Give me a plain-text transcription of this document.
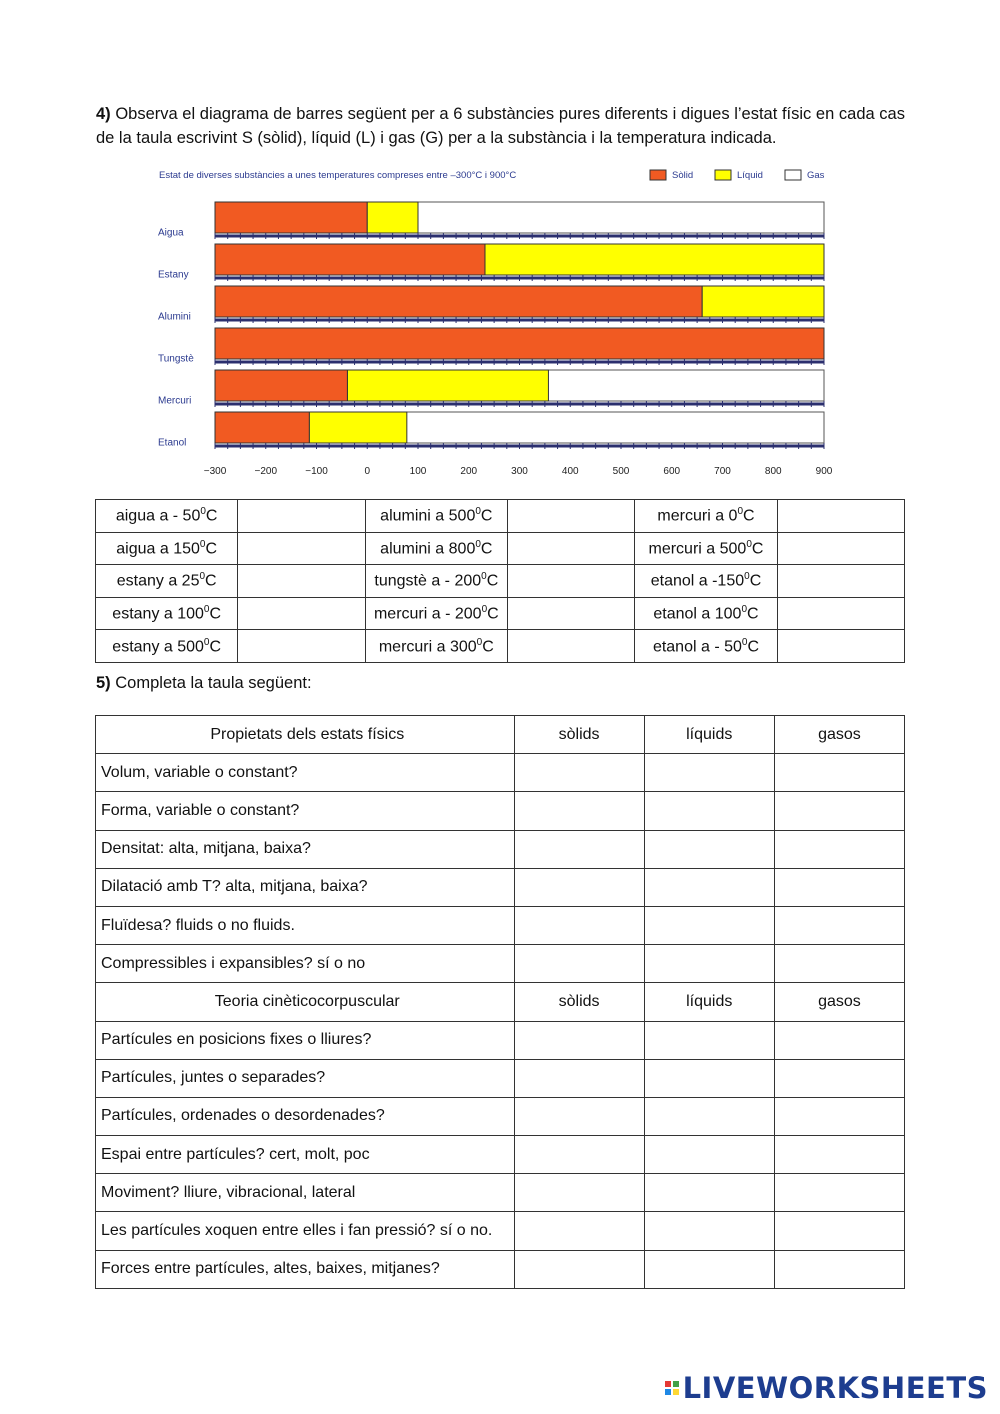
4) Observa el diagrama de barres següent per a 6 substàncies pures diferents i digues l’estat físic en cada cas de la taula escrivint S (sòlid), líquid (L) i gas (G) per a la substància i la temperatura indicada.
Estat de diverses substàncies a unes temperatures compreses entre –300°C i 900°C	Sòlid	Líquid	Gas
Aigua
Estany
Alumini
Tungstè
Mercuri
Etanol
−300	−200	−100	0	100	200	300	400	500	600	700	800	900
aigua a - $50^0C$		alumini a $500^0C$		mercuri a $0^0C$	
aigua a $150^0C$		alumini a $800^0C$		mercuri a $500^0C$	
estany a $25^0C$		tungstè a - $200^0C$		etanol a $-150^0C$	
estany a $100^0C$		mercuri a - $200^0C$		etanol a $100^0C$	
estany a $500^0C$		mercuri a $300^0C$		etanol a - $50^0C$	
5) Completa la taula següent:
Propietats dels estats físics	sòlids	líquids	gasos
Volum, variable o constant?			
Forma, variable o constant?			
Densitat: alta, mitjana, baixa?			
Dilatació amb T? alta, mitjana, baixa?			
Fluïdesa? fluids o no fluids.			
Compressibles i expansibles? sí o no			
Teoria cinèticocorpuscular	sòlids	líquids	gasos
Partícules en posicions fixes o lliures?			
Partícules, juntes o separades?			
Partícules, ordenades o desordenades?			
Espai entre partícules? cert, molt, poc			
Moviment? lliure, vibracional, lateral			
Les partícules xoquen entre elles i fan pressió? sí o no.			
Forces entre partícules, altes, baixes, mitjanes?			
LIVEWORKSHEETS
